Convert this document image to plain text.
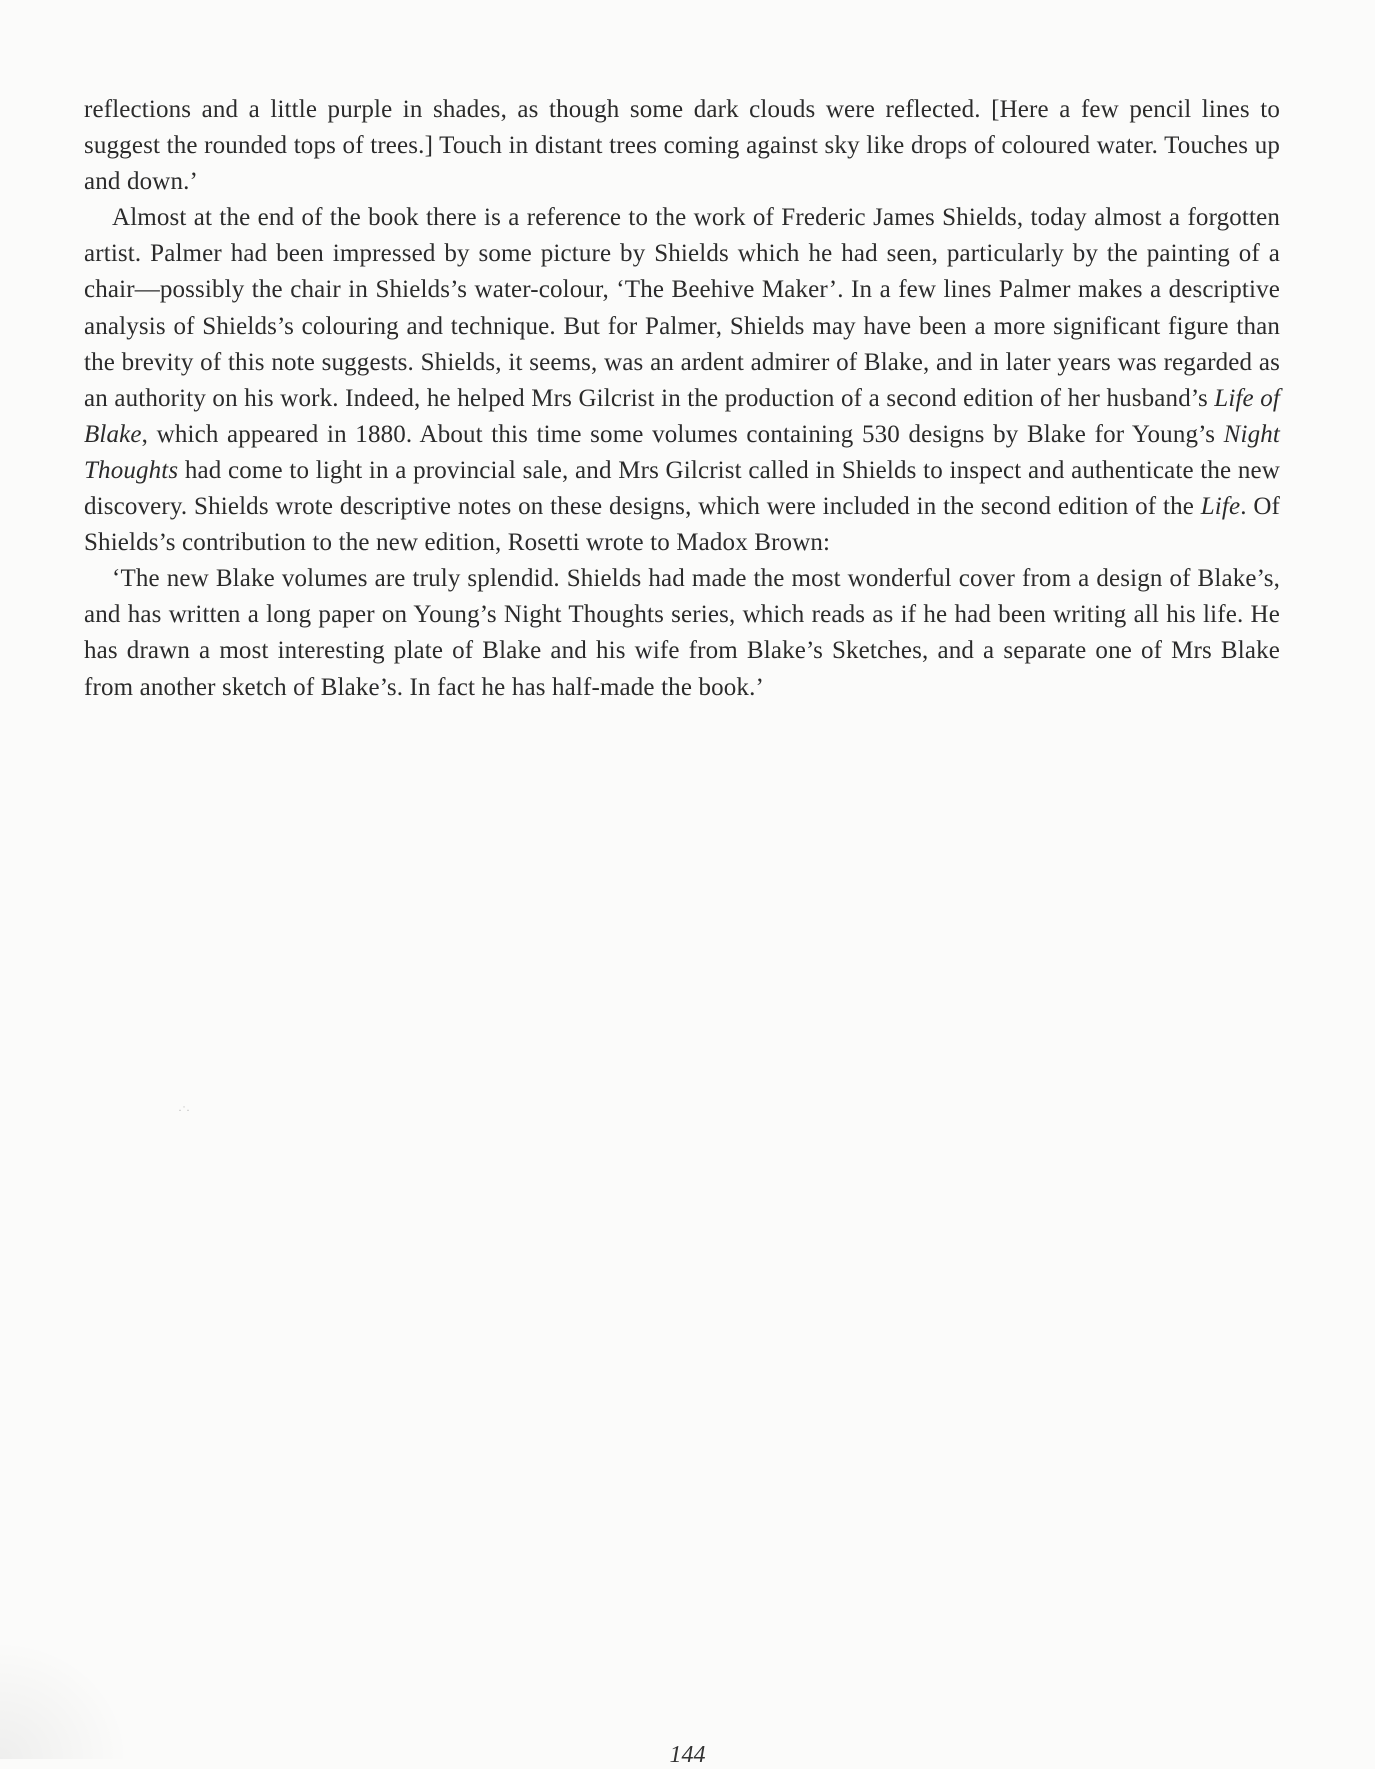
reflections and a little purple in shades, as though some dark clouds were reflected. [Here a few pencil lines to suggest the rounded tops of trees.] Touch in distant trees coming against sky like drops of coloured water. Touches up and down.’

Almost at the end of the book there is a reference to the work of Frederic James Shields, today almost a forgotten artist. Palmer had been impressed by some picture by Shields which he had seen, particularly by the painting of a chair—possibly the chair in Shields’s water-colour, ‘The Beehive Maker’. In a few lines Palmer makes a descriptive analysis of Shields’s colouring and technique. But for Palmer, Shields may have been a more significant figure than the brevity of this note suggests. Shields, it seems, was an ardent admirer of Blake, and in later years was regarded as an authority on his work. Indeed, he helped Mrs Gilcrist in the production of a second edition of her husband’s Life of Blake, which appeared in 1880. About this time some volumes containing 530 designs by Blake for Young’s Night Thoughts had come to light in a provincial sale, and Mrs Gilcrist called in Shields to inspect and authenticate the new discovery. Shields wrote descriptive notes on these designs, which were included in the second edition of the Life. Of Shields’s contribution to the new edition, Rosetti wrote to Madox Brown:

‘The new Blake volumes are truly splendid. Shields had made the most wonderful cover from a design of Blake’s, and has written a long paper on Young’s Night Thoughts series, which reads as if he had been writing all his life. He has drawn a most interesting plate of Blake and his wife from Blake’s Sketches, and a separate one of Mrs Blake from another sketch of Blake’s. In fact he has half-made the book.’

·˙·
144
